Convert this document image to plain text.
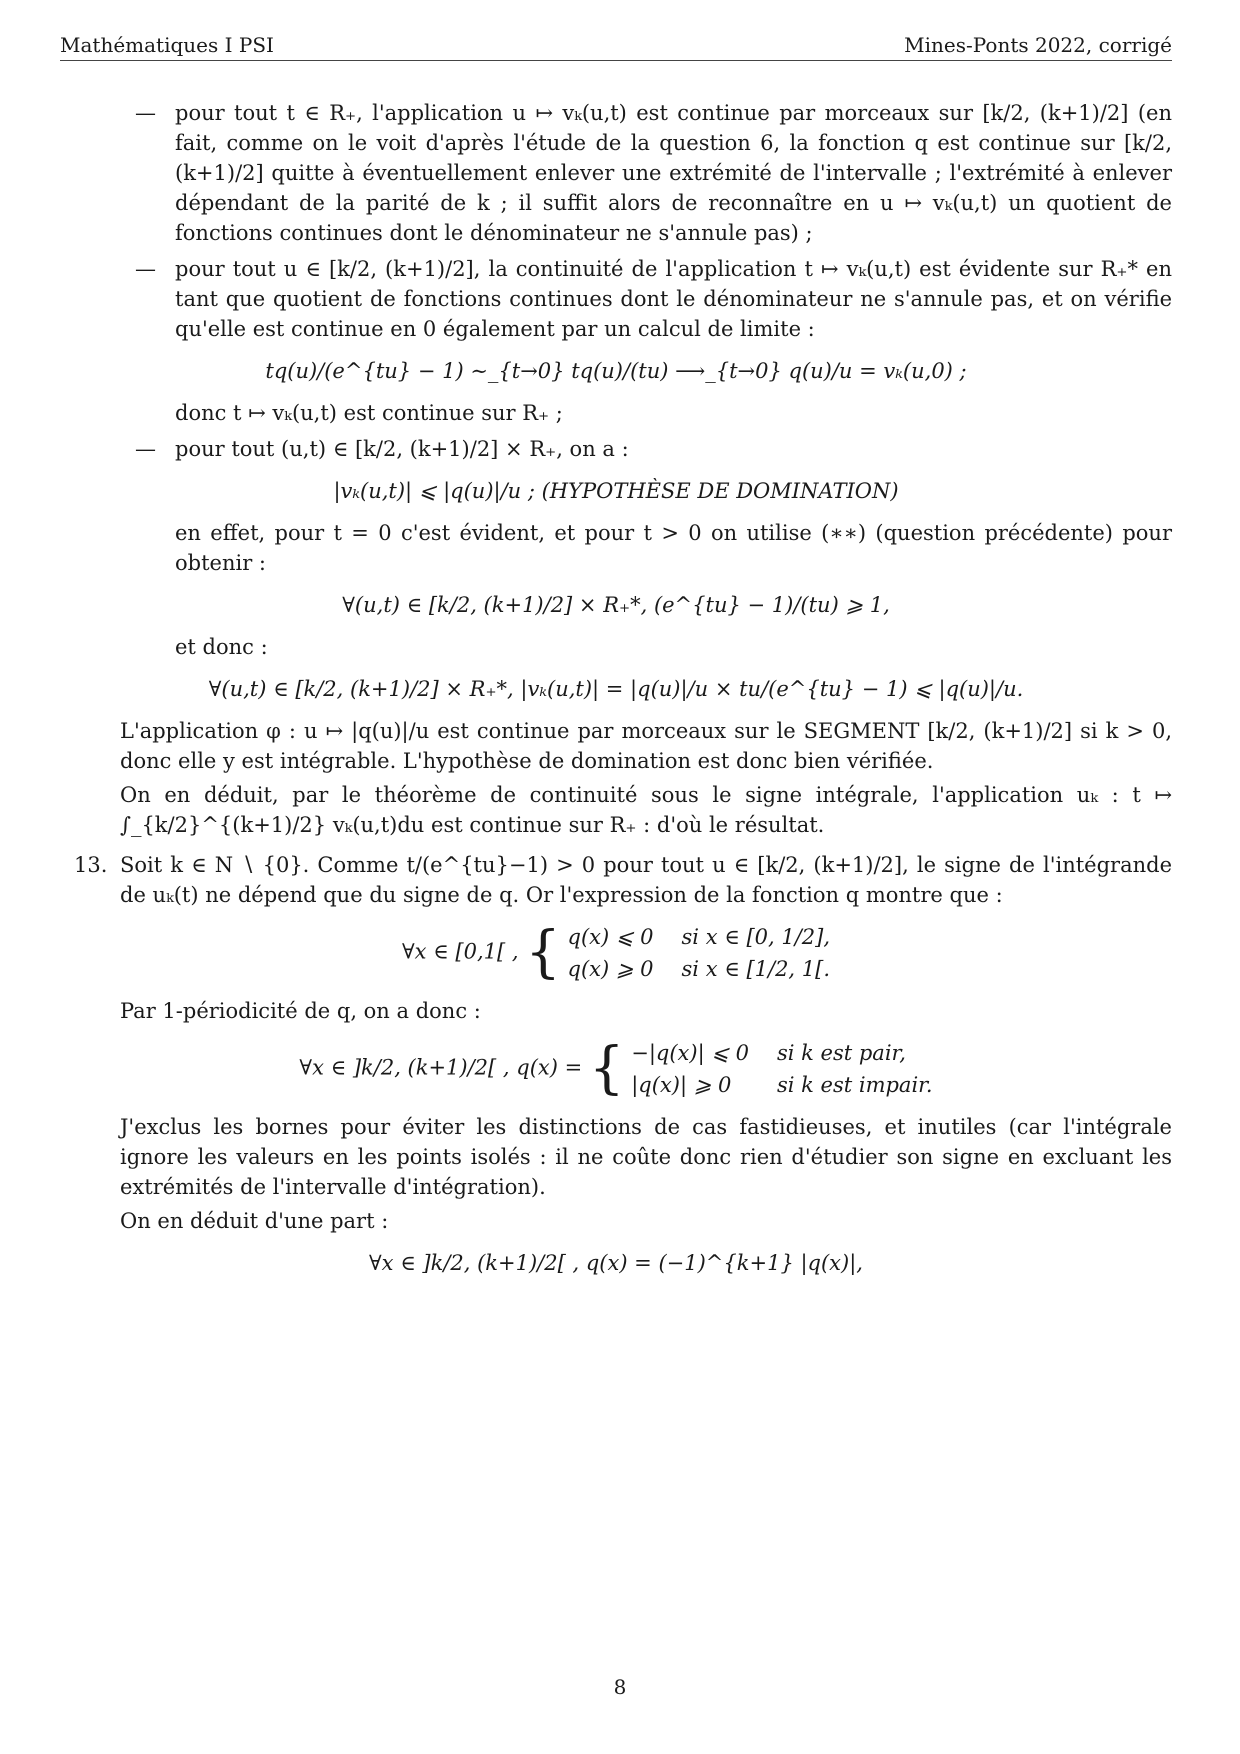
Mathématiques I PSI	Mines-Ponts 2022, corrigé
— pour tout t ∈ R₊, l'application u ↦ vₖ(u,t) est continue par morceaux sur [k/2, (k+1)/2] (en fait, comme on le voit d'après l'étude de la question 6, la fonction q est continue sur [k/2, (k+1)/2] quitte à éventuellement enlever une extrémité de l'intervalle ; l'extrémité à enlever dépendant de la parité de k ; il suffit alors de reconnaître en u ↦ vₖ(u,t) un quotient de fonctions continues dont le dénominateur ne s'annule pas) ;
— pour tout u ∈ [k/2, (k+1)/2], la continuité de l'application t ↦ vₖ(u,t) est évidente sur R₊* en tant que quotient de fonctions continues dont le dénominateur ne s'annule pas, et on vérifie qu'elle est continue en 0 également par un calcul de limite :
tq(u)/(e^{tu} − 1) ∼_{t→0} tq(u)/(tu) ⟶_{t→0} q(u)/u = vₖ(u,0) ;
donc t ↦ vₖ(u,t) est continue sur R₊ ;
— pour tout (u,t) ∈ [k/2, (k+1)/2] × R₊, on a :
|vₖ(u,t)| ⩽ |q(u)|/u ; (HYPOTHÈSE DE DOMINATION)
en effet, pour t = 0 c'est évident, et pour t > 0 on utilise (∗∗) (question précédente) pour obtenir :
∀(u,t) ∈ [k/2, (k+1)/2] × R₊*, (e^{tu} − 1)/(tu) ⩾ 1,
et donc :
∀(u,t) ∈ [k/2, (k+1)/2] × R₊*, |vₖ(u,t)| = |q(u)|/u × tu/(e^{tu} − 1) ⩽ |q(u)|/u.
L'application φ : u ↦ |q(u)|/u est continue par morceaux sur le SEGMENT [k/2, (k+1)/2] si k > 0, donc elle y est intégrable. L'hypothèse de domination est donc bien vérifiée.
On en déduit, par le théorème de continuité sous le signe intégrale, l'application uₖ : t ↦ ∫_{k/2}^{(k+1)/2} vₖ(u,t)du est continue sur R₊ : d'où le résultat.
13. Soit k ∈ N ∖ {0}. Comme t/(e^{tu}−1) > 0 pour tout u ∈ [k/2, (k+1)/2], le signe de l'intégrande de uₖ(t) ne dépend que du signe de q. Or l'expression de la fonction q montre que :
∀x ∈ [0,1[ , { q(x) ⩽ 0 si x ∈ [0, 1/2],
q(x) ⩾ 0 si x ∈ [1/2, 1[.
Par 1-périodicité de q, on a donc :
∀x ∈ ]k/2, (k+1)/2[ , q(x) = { −|q(x)| ⩽ 0 si k est pair,
|q(x)| ⩾ 0	si k est impair.
J'exclus les bornes pour éviter les distinctions de cas fastidieuses, et inutiles (car l'intégrale ignore les valeurs en les points isolés : il ne coûte donc rien d'étudier son signe en excluant les extrémités de l'intervalle d'intégration).
On en déduit d'une part :
∀x ∈ ]k/2, (k+1)/2[ , q(x) = (−1)^{k+1} |q(x)|,
8
